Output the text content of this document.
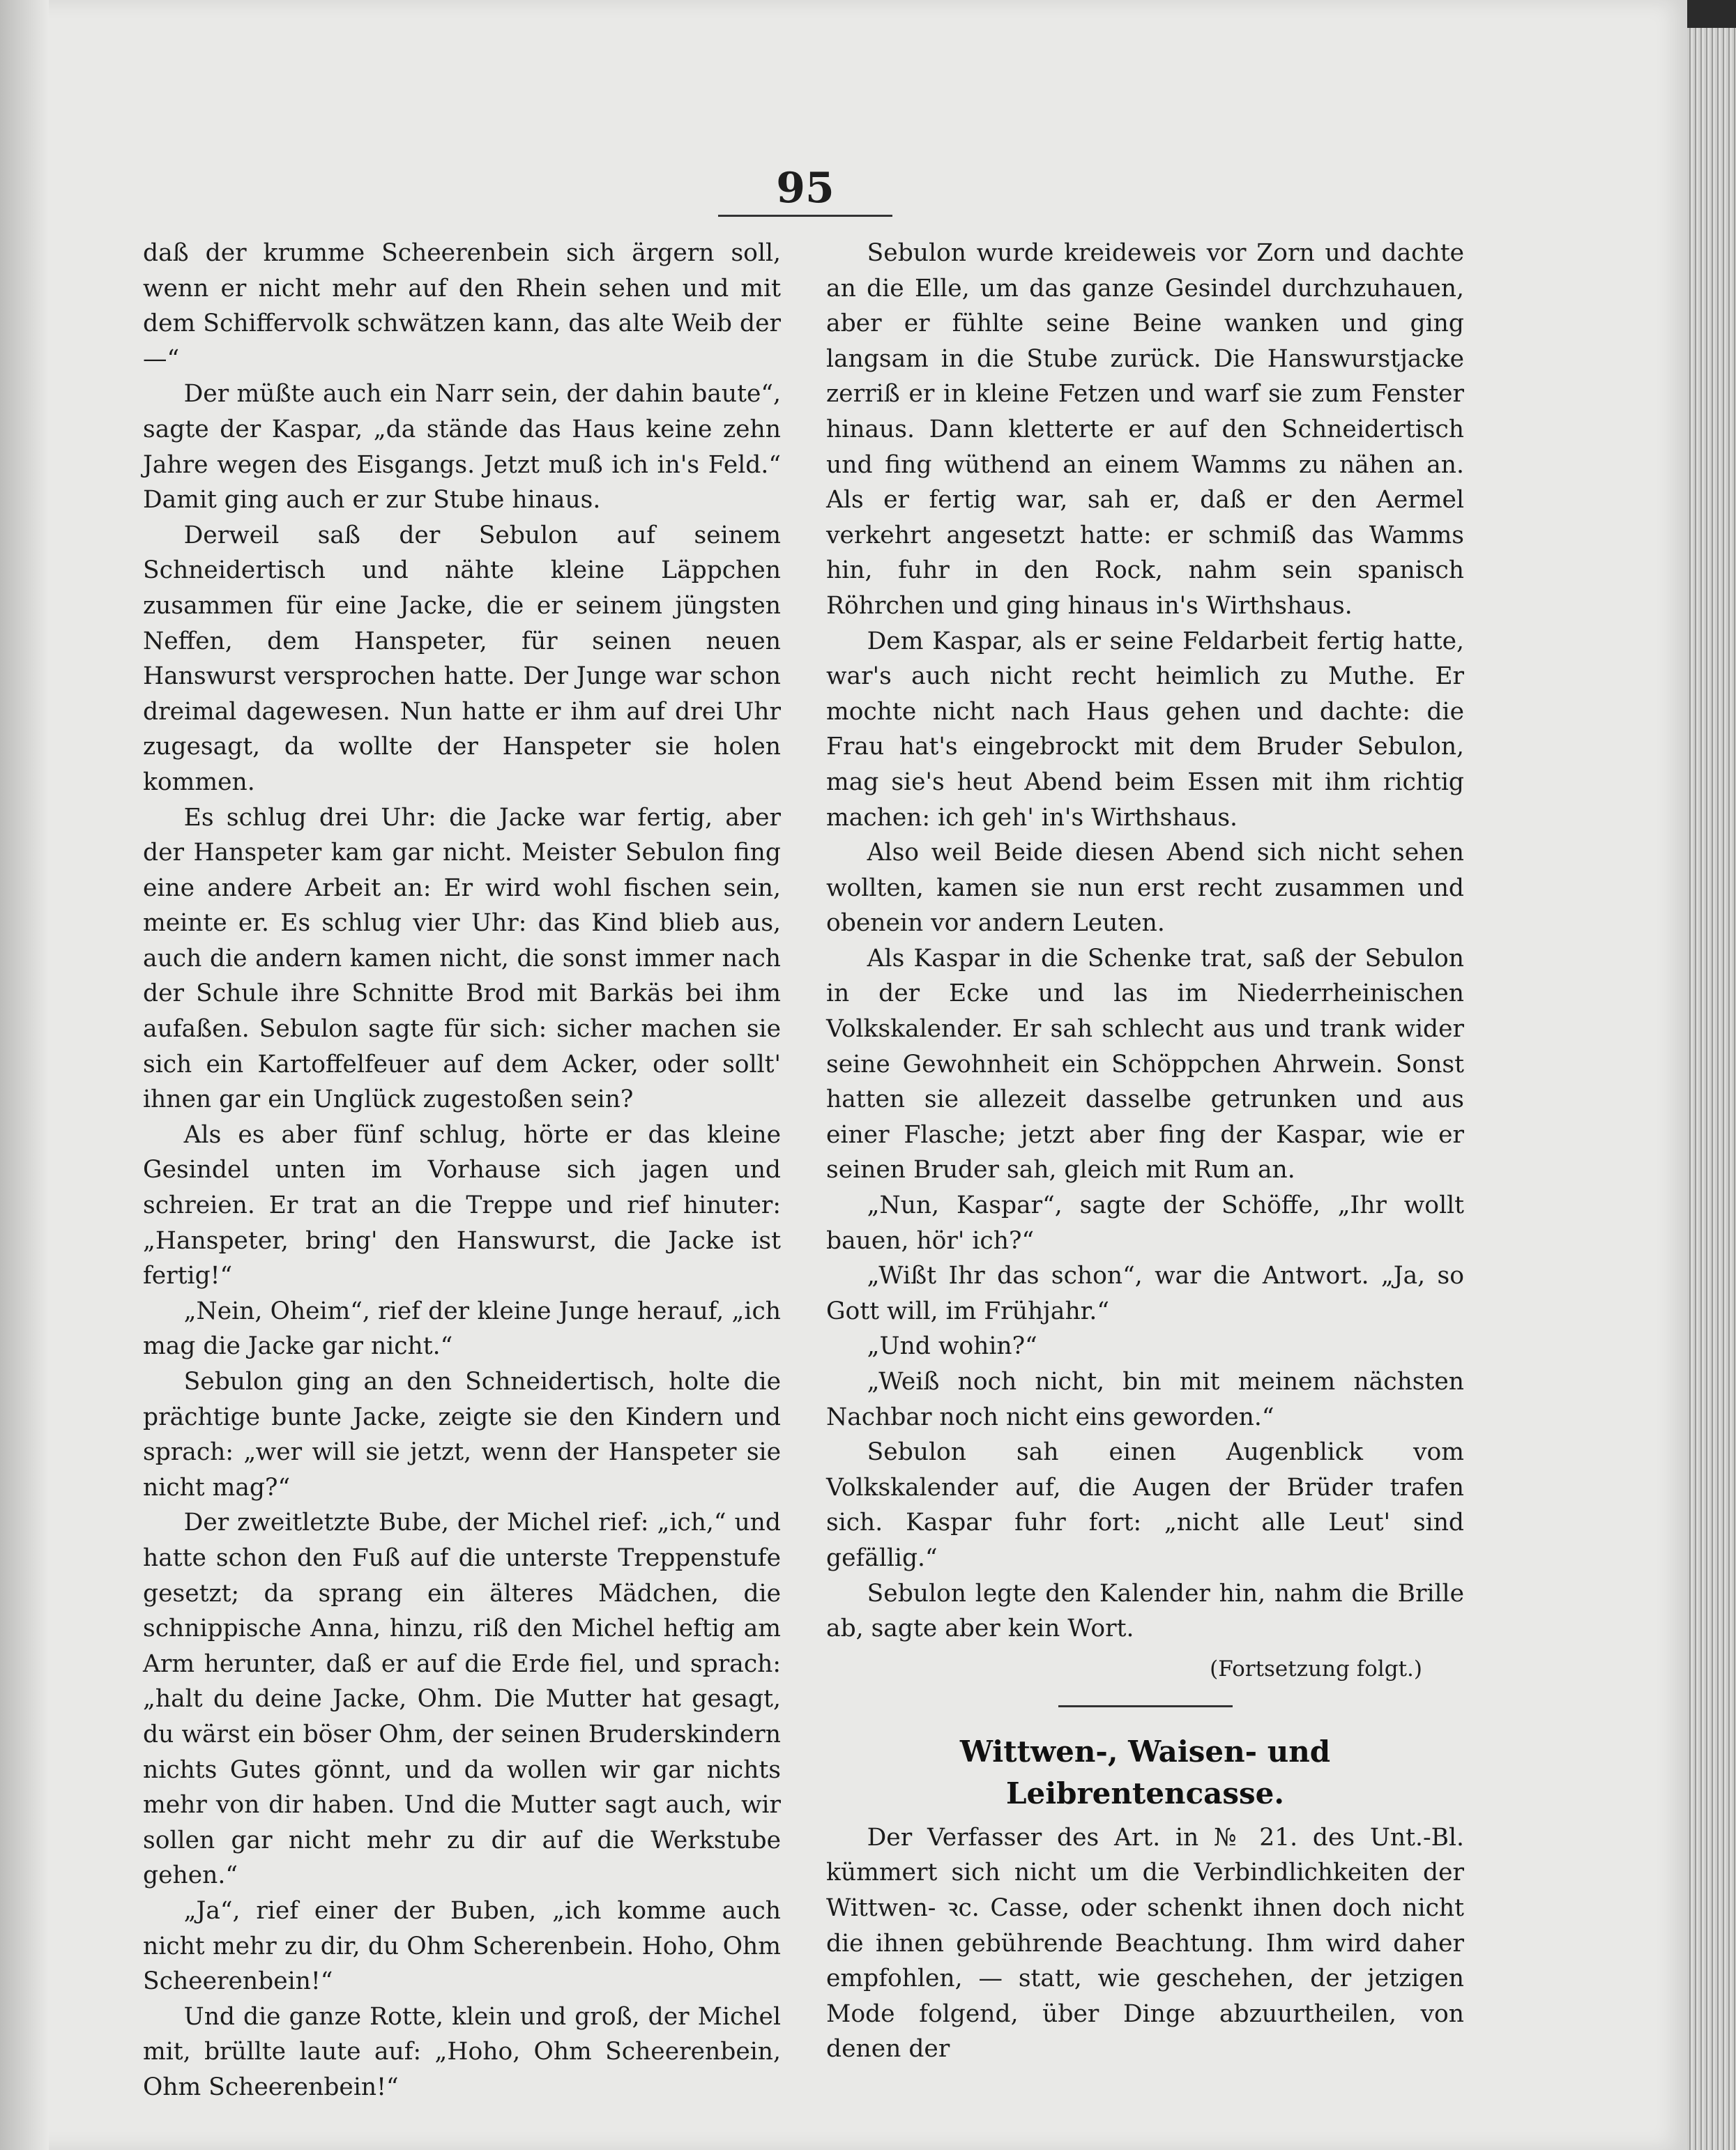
95

daß der krumme Scheerenbein sich ärgern soll, wenn er nicht mehr auf den Rhein sehen und mit dem Schiffervolk schwätzen kann, das alte Weib der —“

Der müßte auch ein Narr sein, der dahin baute“, sagte der Kaspar, „da stände das Haus keine zehn Jahre wegen des Eisgangs. Jetzt muß ich in's Feld.“ Damit ging auch er zur Stube hinaus.

Derweil saß der Sebulon auf seinem Schneidertisch und nähte kleine Läppchen zusammen für eine Jacke, die er seinem jüngsten Neffen, dem Hanspeter, für seinen neuen Hanswurst versprochen hatte. Der Junge war schon dreimal dagewesen. Nun hatte er ihm auf drei Uhr zugesagt, da wollte der Hanspeter sie holen kommen.

Es schlug drei Uhr: die Jacke war fertig, aber der Hanspeter kam gar nicht. Meister Sebulon fing eine andere Arbeit an: Er wird wohl fischen sein, meinte er. Es schlug vier Uhr: das Kind blieb aus, auch die andern kamen nicht, die sonst immer nach der Schule ihre Schnitte Brod mit Barkäs bei ihm aufaßen. Sebulon sagte für sich: sicher machen sie sich ein Kartoffelfeuer auf dem Acker, oder sollt' ihnen gar ein Unglück zugestoßen sein?

Als es aber fünf schlug, hörte er das kleine Gesindel unten im Vorhause sich jagen und schreien. Er trat an die Treppe und rief hinuter: „Hanspeter, bring' den Hanswurst, die Jacke ist fertig!“

„Nein, Oheim“, rief der kleine Junge herauf, „ich mag die Jacke gar nicht.“

Sebulon ging an den Schneidertisch, holte die prächtige bunte Jacke, zeigte sie den Kindern und sprach: „wer will sie jetzt, wenn der Hanspeter sie nicht mag?“

Der zweitletzte Bube, der Michel rief: „ich,“ und hatte schon den Fuß auf die unterste Treppenstufe gesetzt; da sprang ein älteres Mädchen, die schnippische Anna, hinzu, riß den Michel heftig am Arm herunter, daß er auf die Erde fiel, und sprach: „halt du deine Jacke, Ohm. Die Mutter hat gesagt, du wärst ein böser Ohm, der seinen Bruderskindern nichts Gutes gönnt, und da wollen wir gar nichts mehr von dir haben. Und die Mutter sagt auch, wir sollen gar nicht mehr zu dir auf die Werkstube gehen.“

„Ja“, rief einer der Buben, „ich komme auch nicht mehr zu dir, du Ohm Scherenbein. Hoho, Ohm Scheerenbein!“

Und die ganze Rotte, klein und groß, der Michel mit, brüllte laute auf: „Hoho, Ohm Scheerenbein, Ohm Scheerenbein!“

Sebulon wurde kreideweis vor Zorn und dachte an die Elle, um das ganze Gesindel durchzuhauen, aber er fühlte seine Beine wanken und ging langsam in die Stube zurück. Die Hanswurstjacke zerriß er in kleine Fetzen und warf sie zum Fenster hinaus. Dann kletterte er auf den Schneidertisch und fing wüthend an einem Wamms zu nähen an. Als er fertig war, sah er, daß er den Aermel verkehrt angesetzt hatte: er schmiß das Wamms hin, fuhr in den Rock, nahm sein spanisch Röhrchen und ging hinaus in's Wirthshaus.

Dem Kaspar, als er seine Feldarbeit fertig hatte, war's auch nicht recht heimlich zu Muthe. Er mochte nicht nach Haus gehen und dachte: die Frau hat's eingebrockt mit dem Bruder Sebulon, mag sie's heut Abend beim Essen mit ihm richtig machen: ich geh' in's Wirthshaus.

Also weil Beide diesen Abend sich nicht sehen wollten, kamen sie nun erst recht zusammen und obenein vor andern Leuten.

Als Kaspar in die Schenke trat, saß der Sebulon in der Ecke und las im Niederrheinischen Volkskalender. Er sah schlecht aus und trank wider seine Gewohnheit ein Schöppchen Ahrwein. Sonst hatten sie allezeit dasselbe getrunken und aus einer Flasche; jetzt aber fing der Kaspar, wie er seinen Bruder sah, gleich mit Rum an.

„Nun, Kaspar“, sagte der Schöffe, „Ihr wollt bauen, hör' ich?“

„Wißt Ihr das schon“, war die Antwort. „Ja, so Gott will, im Frühjahr.“

„Und wohin?“

„Weiß noch nicht, bin mit meinem nächsten Nachbar noch nicht eins geworden.“

Sebulon sah einen Augenblick vom Volkskalender auf, die Augen der Brüder trafen sich. Kaspar fuhr fort: „nicht alle Leut' sind gefällig.“

Sebulon legte den Kalender hin, nahm die Brille ab, sagte aber kein Wort.

(Fortsetzung folgt.)
Wittwen-, Waisen- und Leibrentencasse.

Der Verfasser des Art. in № 21. des Unt.-Bl. kümmert sich nicht um die Verbindlichkeiten der Wittwen- ꝛc. Casse, oder schenkt ihnen doch nicht die ihnen gebührende Beachtung. Ihm wird daher empfohlen, — statt, wie geschehen, der jetzigen Mode folgend, über Dinge abzuurtheilen, von denen der
